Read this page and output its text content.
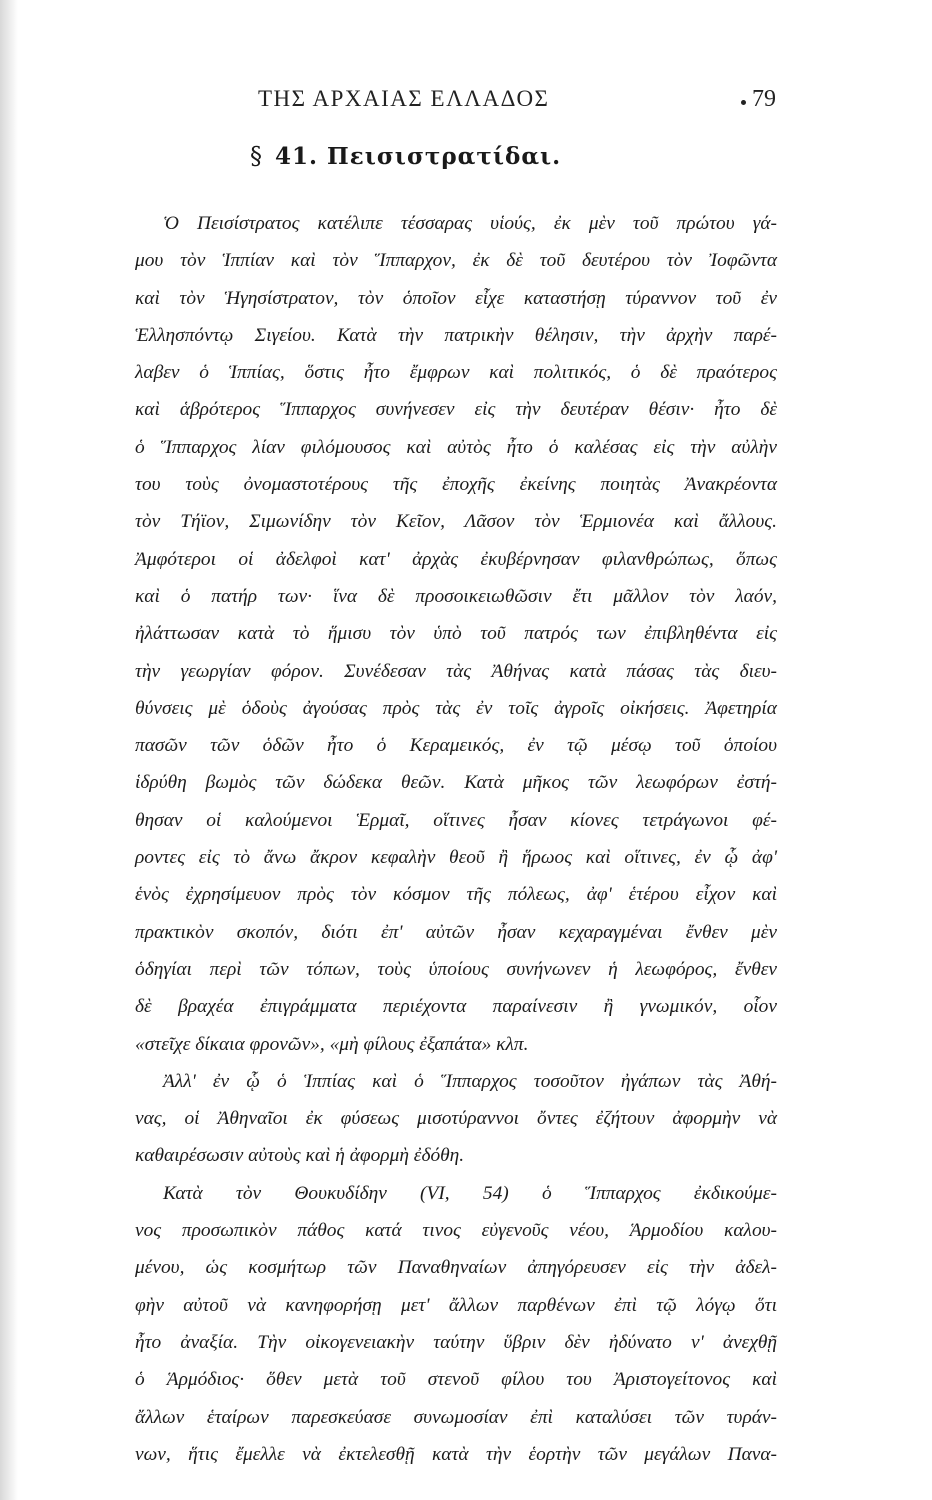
ΤΗΣ ΑΡΧΑΙΑΣ ΕΛΛΑΔΟΣ	79
§ 41. Πεισιστρατίδαι.
Ὁ Πεισίστρατος κατέλιπε τέσσαρας υἱούς, ἐκ μὲν τοῦ πρώτου γά-
μου τὸν Ἱππίαν καὶ τὸν Ἵππαρχον, ἐκ δὲ τοῦ δευτέρου τὸν Ἰοφῶντα
καὶ τὸν Ἡγησίστρατον, τὸν ὁποῖον εἶχε καταστήσῃ τύραννον τοῦ ἐν
Ἑλλησπόντῳ Σιγείου. Κατὰ τὴν πατρικὴν θέλησιν, τὴν ἀρχὴν παρέ-
λαβεν ὁ Ἱππίας, ὅστις ἦτο ἔμφρων καὶ πολιτικός, ὁ δὲ πραότερος
καὶ ἁβρότερος Ἵππαρχος συνήνεσεν εἰς τὴν δευτέραν θέσιν· ἦτο δὲ
ὁ Ἵππαρχος λίαν φιλόμουσος καὶ αὐτὸς ἦτο ὁ καλέσας εἰς τὴν αὐλὴν
του τοὺς ὀνομαστοτέρους τῆς ἐποχῆς ἐκείνης ποιητὰς Ἀνακρέοντα
τὸν Τήϊον, Σιμωνίδην τὸν Κεῖον, Λᾶσον τὸν Ἑρμιονέα καὶ ἄλλους.
Ἀμφότεροι οἱ ἀδελφοὶ κατ' ἀρχὰς ἐκυβέρνησαν φιλανθρώπως, ὅπως
καὶ ὁ πατήρ των· ἵνα δὲ προσοικειωθῶσιν ἔτι μᾶλλον τὸν λαόν,
ἠλάττωσαν κατὰ τὸ ἥμισυ τὸν ὑπὸ τοῦ πατρός των ἐπιβληθέντα εἰς
τὴν γεωργίαν φόρον. Συνέδεσαν τὰς Ἀθήνας κατὰ πάσας τὰς διευ-
θύνσεις μὲ ὁδοὺς ἀγούσας πρὸς τὰς ἐν τοῖς ἀγροῖς οἰκήσεις. Ἀφετηρία
πασῶν τῶν ὁδῶν ἦτο ὁ Κεραμεικός, ἐν τῷ μέσῳ τοῦ ὁποίου
ἱδρύθη βωμὸς τῶν δώδεκα θεῶν. Κατὰ μῆκος τῶν λεωφόρων ἐστή-
θησαν οἱ καλούμενοι Ἑρμαῖ, οἵτινες ἦσαν κίονες τετράγωνοι φέ-
ροντες εἰς τὸ ἄνω ἄκρον κεφαλὴν θεοῦ ἢ ἥρωος καὶ οἵτινες, ἐν ᾧ ἀφ'
ἑνὸς ἐχρησίμευον πρὸς τὸν κόσμον τῆς πόλεως, ἀφ' ἑτέρου εἶχον καὶ
πρακτικὸν σκοπόν, διότι ἐπ' αὐτῶν ἦσαν κεχαραγμέναι ἔνθεν μὲν
ὁδηγίαι περὶ τῶν τόπων, τοὺς ὑποίους συνήνωνεν ἡ λεωφόρος, ἔνθεν
δὲ βραχέα ἐπιγράμματα περιέχοντα παραίνεσιν ἢ γνωμικόν, οἷον
«στεῖχε δίκαια φρονῶν», «μὴ φίλους ἐξαπάτα» κλπ.
Ἀλλ' ἐν ᾧ ὁ Ἱππίας καὶ ὁ Ἵππαρχος τοσοῦτον ἠγάπων τὰς Ἀθή-
νας, οἱ Ἀθηναῖοι ἐκ φύσεως μισοτύραννοι ὄντες ἐζήτουν ἀφορμὴν νὰ
καθαιρέσωσιν αὐτοὺς καὶ ἡ ἀφορμὴ ἐδόθη.
Κατὰ τὸν Θουκυδίδην (VI, 54) ὁ Ἵππαρχος ἐκδικούμε-
νος προσωπικὸν πάθος κατά τινος εὐγενοῦς νέου, Ἁρμοδίου καλου-
μένου, ὡς κοσμήτωρ τῶν Παναθηναίων ἀπηγόρευσεν εἰς τὴν ἀδελ-
φὴν αὐτοῦ νὰ κανηφορήσῃ μετ' ἄλλων παρθένων ἐπὶ τῷ λόγῳ ὅτι
ἦτο ἀναξία. Τὴν οἰκογενειακὴν ταύτην ὕβριν δὲν ἠδύνατο ν' ἀνεχθῇ
ὁ Ἁρμόδιος· ὅθεν μετὰ τοῦ στενοῦ φίλου του Ἀριστογείτονος καὶ
ἄλλων ἑταίρων παρεσκεύασε συνωμοσίαν ἐπὶ καταλύσει τῶν τυράν-
νων, ἥτις ἔμελλε νὰ ἐκτελεσθῇ κατὰ τὴν ἑορτὴν τῶν μεγάλων Πανα-
